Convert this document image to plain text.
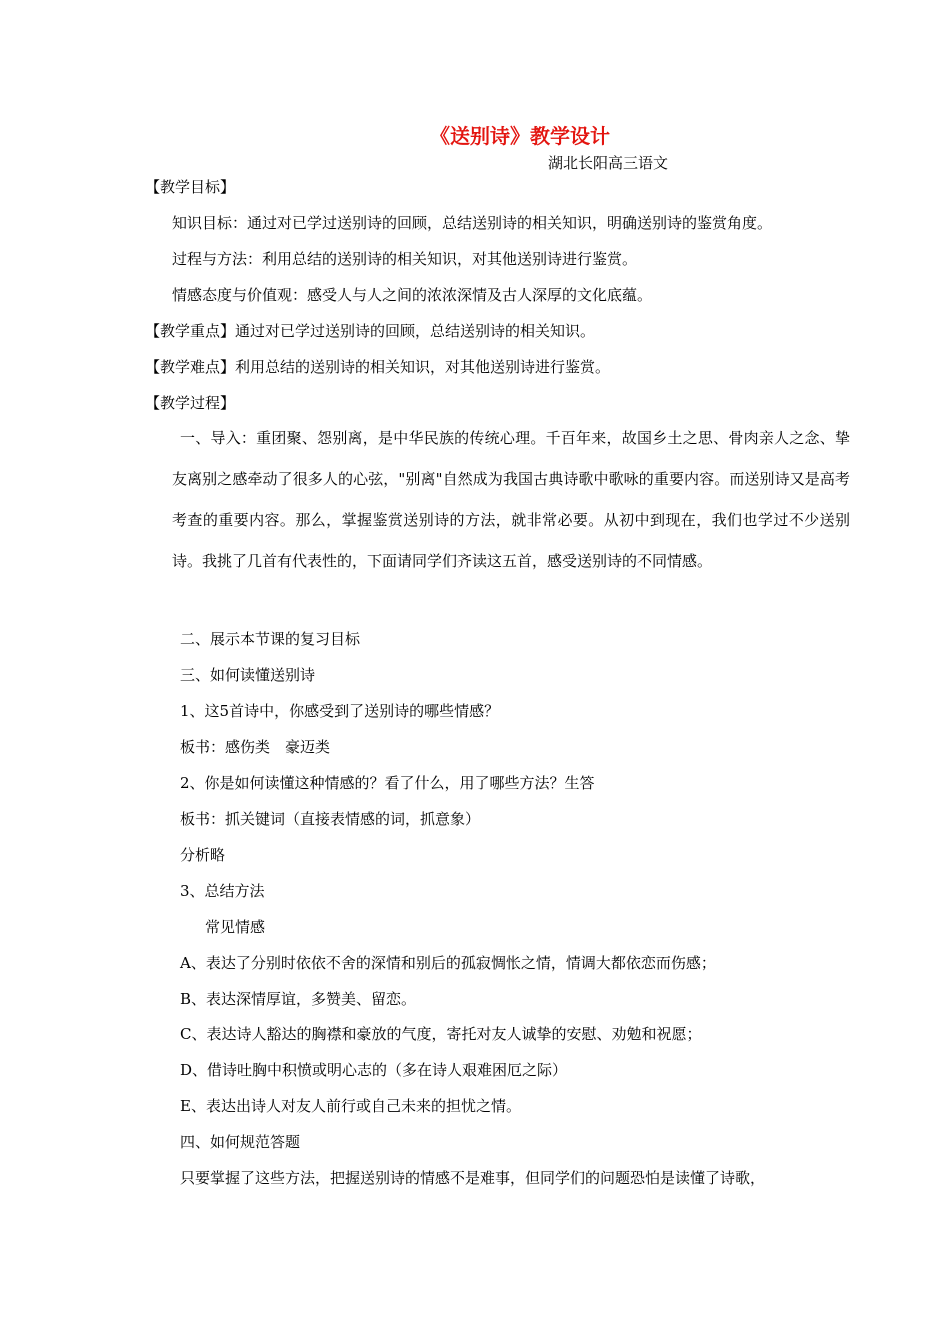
《送别诗》教学设计
湖北长阳高三语文
【教学目标】
知识目标：通过对已学过送别诗的回顾，总结送别诗的相关知识，明确送别诗的鉴赏角度。
过程与方法：利用总结的送别诗的相关知识，对其他送别诗进行鉴赏。
情感态度与价值观：感受人与人之间的浓浓深情及古人深厚的文化底蕴。
【教学重点】通过对已学过送别诗的回顾，总结送别诗的相关知识。
【教学难点】利用总结的送别诗的相关知识，对其他送别诗进行鉴赏。
【教学过程】
一、导入：重团聚、怨别离，是中华民族的传统心理。千百年来，故国乡土之思、骨肉亲人之念、挚友离别之感牵动了很多人的心弦，"别离"自然成为我国古典诗歌中歌咏的重要内容。而送别诗又是高考考查的重要内容。那么，掌握鉴赏送别诗的方法，就非常必要。从初中到现在，我们也学过不少送别诗。我挑了几首有代表性的，下面请同学们齐读这五首，感受送别诗的不同情感。
二、展示本节课的复习目标
三、如何读懂送别诗
1、这5首诗中，你感受到了送别诗的哪些情感？
板书：感伤类　豪迈类
2、你是如何读懂这种情感的？看了什么，用了哪些方法？生答
板书：抓关键词（直接表情感的词，抓意象）
分析略
3、总结方法
常见情感
A、表达了分别时依依不舍的深情和别后的孤寂惆怅之情，情调大都依恋而伤感；
B、表达深情厚谊，多赞美、留恋。
C、表达诗人豁达的胸襟和豪放的气度，寄托对友人诚挚的安慰、劝勉和祝愿；
D、借诗吐胸中积愤或明心志的（多在诗人艰难困厄之际）
E、表达出诗人对友人前行或自己未来的担忧之情。
四、如何规范答题
只要掌握了这些方法，把握送别诗的情感不是难事，但同学们的问题恐怕是读懂了诗歌，
